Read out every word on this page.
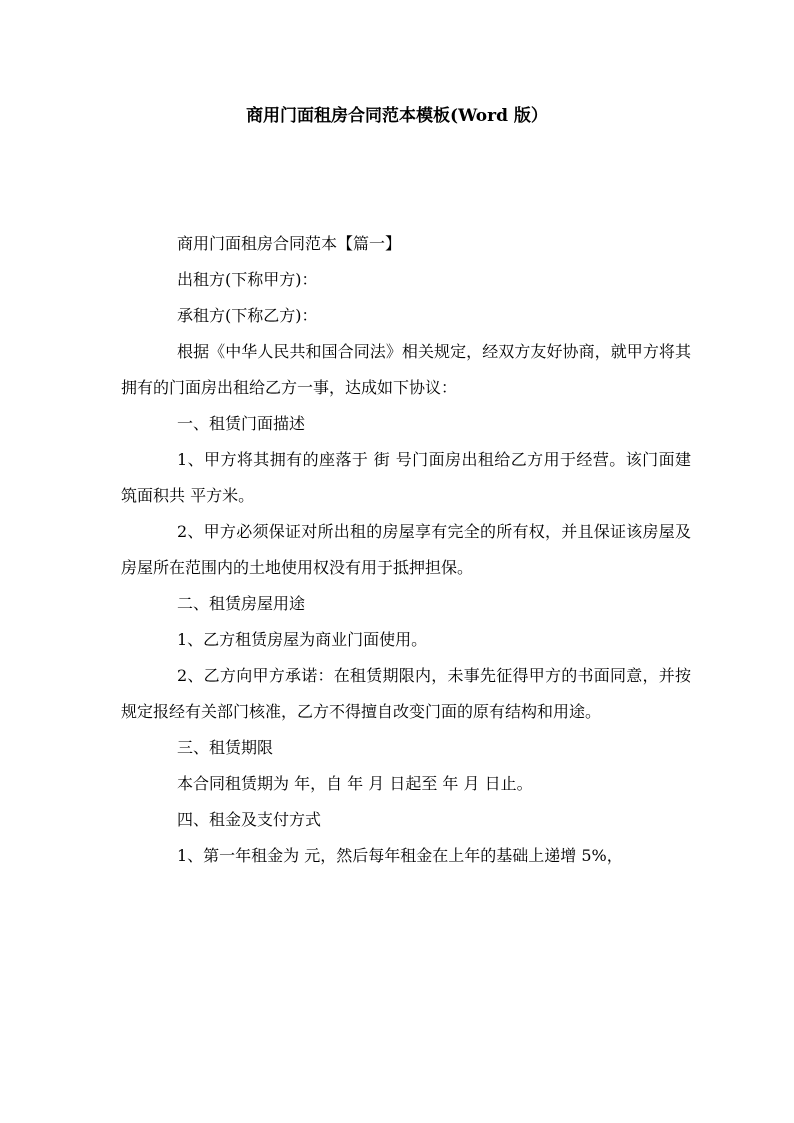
商用门面租房合同范本模板(Word 版）

商用门面租房合同范本【篇一】

出租方(下称甲方)：

承租方(下称乙方)：

根据《中华人民共和国合同法》相关规定，经双方友好协商，就甲方将其拥有的门面房出租给乙方一事，达成如下协议：

一、租赁门面描述

1、甲方将其拥有的座落于 街 号门面房出租给乙方用于经营。该门面建筑面积共 平方米。

2、甲方必须保证对所出租的房屋享有完全的所有权，并且保证该房屋及房屋所在范围内的土地使用权没有用于抵押担保。

二、租赁房屋用途

1、乙方租赁房屋为商业门面使用。

2、乙方向甲方承诺：在租赁期限内，未事先征得甲方的书面同意，并按规定报经有关部门核准，乙方不得擅自改变门面的原有结构和用途。

三、租赁期限

本合同租赁期为 年，自 年 月 日起至 年 月 日止。

四、租金及支付方式

1、第一年租金为 元，然后每年租金在上年的基础上递增 5%，
